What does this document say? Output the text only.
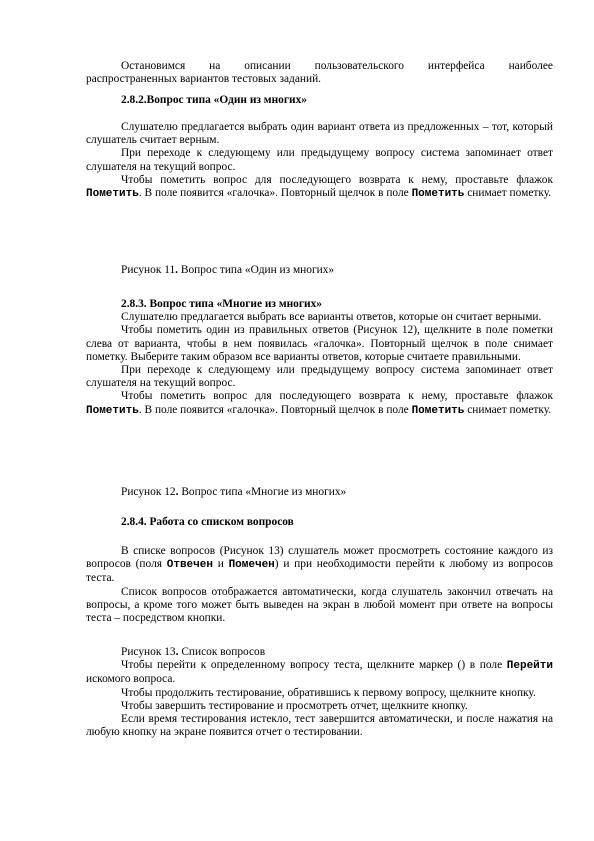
Остановимся на описании пользовательского интерфейса наиболее
распространенных вариантов тестовых заданий.

2.8.2.Вопрос типа «Один из многих»

Слушателю предлагается выбрать один вариант ответа из предложенных – тот, который слушатель считает верным.

При переходе к следующему или предыдущему вопросу система запоминает ответ слушателя на текущий вопрос.

Чтобы пометить вопрос для последующего возврата к нему, проставьте флажок Пометить. В поле появится «галочка». Повторный щелчок в поле Пометить снимает пометку.

Рисунок 11. Вопрос типа «Один из многих»

2.8.3. Вопрос типа «Многие из многих»

Слушателю предлагается выбрать все варианты ответов, которые он считает верными.

Чтобы пометить один из правильных ответов (Рисунок 12), щелкните в поле пометки слева от варианта, чтобы в нем появилась «галочка». Повторный щелчок в поле снимает пометку. Выберите таким образом все варианты ответов, которые считаете правильными.

При переходе к следующему или предыдущему вопросу система запоминает ответ слушателя на текущий вопрос.

Чтобы пометить вопрос для последующего возврата к нему, проставьте флажок Пометить. В поле появится «галочка». Повторный щелчок в поле Пометить снимает пометку.

Рисунок 12. Вопрос типа «Многие из многих»

2.8.4. Работа со списком вопросов

В списке вопросов (Рисунок 13) слушатель может просмотреть состояние каждого из вопросов (поля Отвечен и Помечен) и при необходимости перейти к любому из вопросов теста.

Список вопросов отображается автоматически, когда слушатель закончил отвечать на вопросы, а кроме того может быть выведен на экран в любой момент при ответе на вопросы теста – посредством кнопки.

Рисунок 13. Список вопросов

Чтобы перейти к определенному вопросу теста, щелкните маркер () в поле Перейти искомого вопроса.

Чтобы продолжить тестирование, обратившись к первому вопросу, щелкните кнопку.

Чтобы завершить тестирование и просмотреть отчет, щелкните кнопку.

Если время тестирования истекло, тест завершится автоматически, и после нажатия на любую кнопку на экране появится отчет о тестировании.
